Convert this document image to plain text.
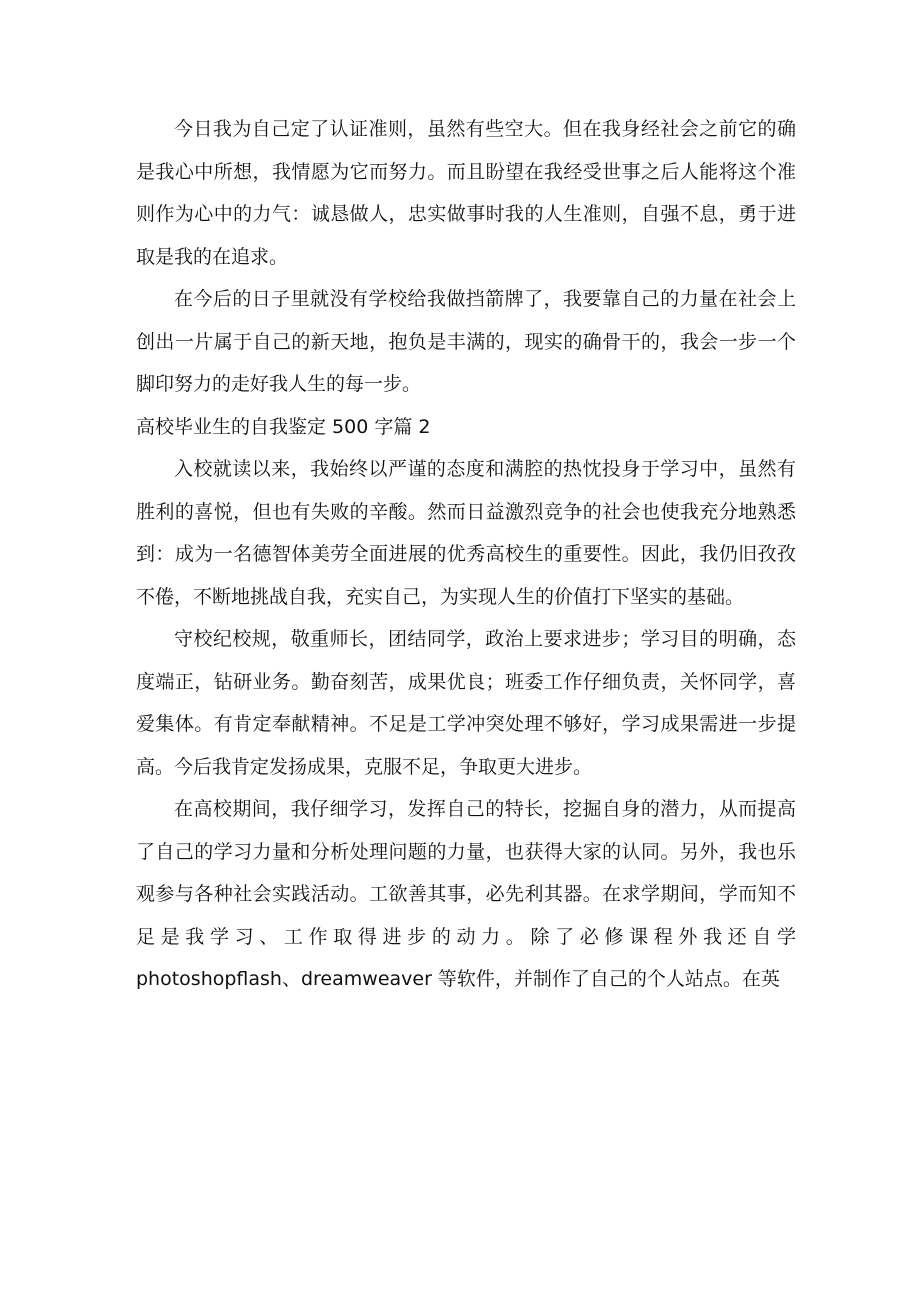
今日我为自己定了认证准则，虽然有些空大。但在我身经社会之前它的确是我心中所想，我情愿为它而努力。而且盼望在我经受世事之后人能将这个准则作为心中的力气：诚恳做人，忠实做事时我的人生准则，自强不息，勇于进取是我的在追求。

在今后的日子里就没有学校给我做挡箭牌了，我要靠自己的力量在社会上创出一片属于自己的新天地，抱负是丰满的，现实的确骨干的，我会一步一个脚印努力的走好我人生的每一步。

高校毕业生的自我鉴定 500 字篇 2

入校就读以来，我始终以严谨的态度和满腔的热忱投身于学习中，虽然有胜利的喜悦，但也有失败的辛酸。然而日益激烈竞争的社会也使我充分地熟悉到：成为一名德智体美劳全面进展的优秀高校生的重要性。因此，我仍旧孜孜不倦，不断地挑战自我，充实自己，为实现人生的价值打下坚实的基础。

守校纪校规，敬重师长，团结同学，政治上要求进步；学习目的明确，态度端正，钻研业务。勤奋刻苦，成果优良；班委工作仔细负责，关怀同学，喜爱集体。有肯定奉献精神。不足是工学冲突处理不够好，学习成果需进一步提高。今后我肯定发扬成果，克服不足，争取更大进步。

在高校期间，我仔细学习，发挥自己的特长，挖掘自身的潜力，从而提高了自己的学习力量和分析处理问题的力量，也获得大家的认同。另外，我也乐观参与各种社会实践活动。工欲善其事，必先利其器。在求学期间，学而知不足是我学习、工作取得进步的动力。除了必修课程外我还自学 photoshopflash、dreamweaver 等软件，并制作了自己的个人站点。在英
